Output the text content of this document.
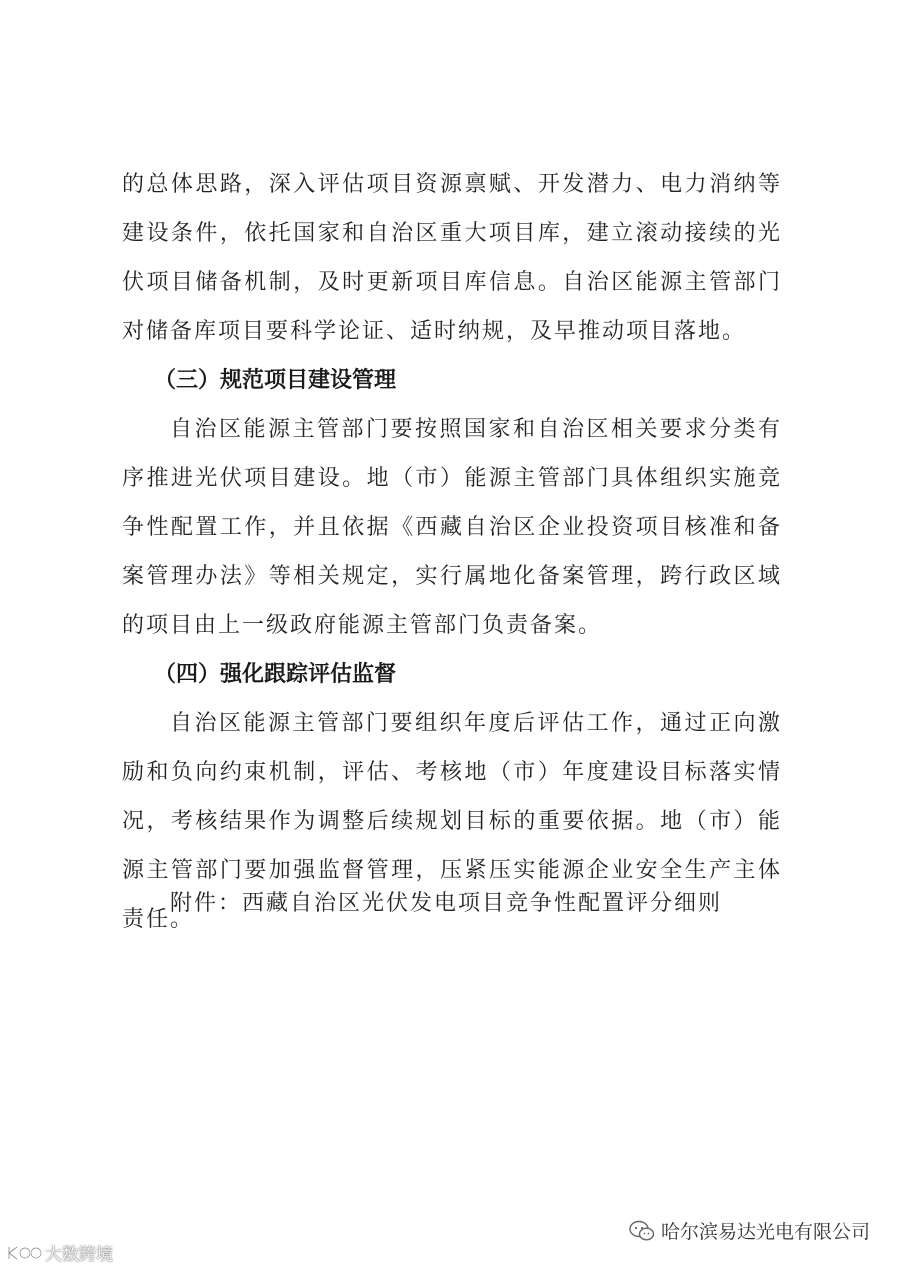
的总体思路，深入评估项目资源禀赋、开发潜力、电力消纳等
建设条件，依托国家和自治区重大项目库，建立滚动接续的光
伏项目储备机制，及时更新项目库信息。自治区能源主管部门
对储备库项目要科学论证、适时纳规，及早推动项目落地。
（三）规范项目建设管理
自治区能源主管部门要按照国家和自治区相关要求分类有
序推进光伏项目建设。地（市）能源主管部门具体组织实施竞
争性配置工作，并且依据《西藏自治区企业投资项目核准和备
案管理办法》等相关规定，实行属地化备案管理，跨行政区域
的项目由上一级政府能源主管部门负责备案。
（四）强化跟踪评估监督
自治区能源主管部门要组织年度后评估工作，通过正向激
励和负向约束机制，评估、考核地（市）年度建设目标落实情
况，考核结果作为调整后续规划目标的重要依据。地（市）能
源主管部门要加强监督管理，压紧压实能源企业安全生产主体
责任。
附件：西藏自治区光伏发电项目竞争性配置评分细则
哈尔滨易达光电有限公司
大数跨境
